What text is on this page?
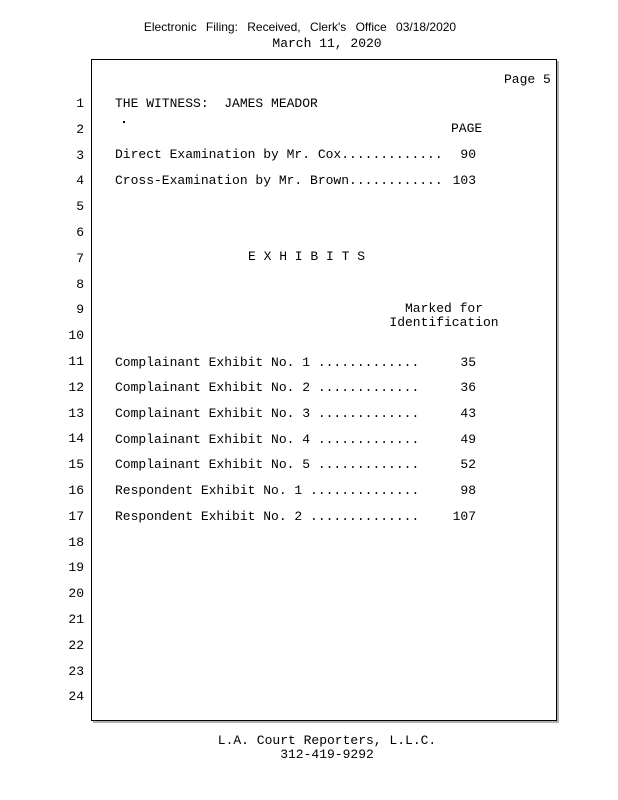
Electronic Filing: Received, Clerk's Office 03/18/2020
March 11, 2020
Page 5
1
2
3
4
5
6
7
8
9
10
11
12
13
14
15
16
17
18
19
20
21
22
23
24
THE WITNESS:  JAMES MEADOR
PAGE
Direct Examination by Mr. Cox.............	90
Cross-Examination by Mr. Brown............ 103
E X H I B I T S
Marked for
Identification
Complainant Exhibit No. 1 .............	35
Complainant Exhibit No. 2 .............	36
Complainant Exhibit No. 3 .............	43
Complainant Exhibit No. 4 .............	49
Complainant Exhibit No. 5 .............	52
Respondent Exhibit No. 1 ..............	98
Respondent Exhibit No. 2 ..............	107
L.A. Court Reporters, L.L.C.
312-419-9292
